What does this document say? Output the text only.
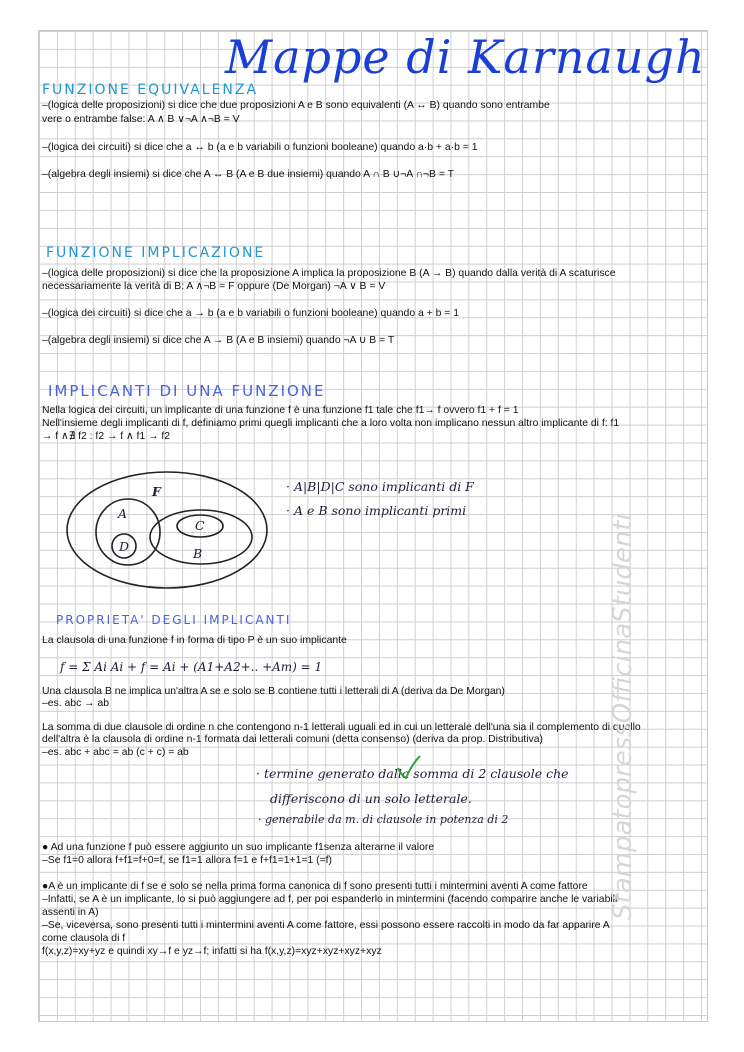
Mappe di Karnaugh
FUNZIONE EQUIVALENZA
–(logica delle proposizioni) si dice che due proposizioni A e B sono equivalenti (A ↔ B) quando sono entrambe
vere o entrambe false: A ∧ B ∨¬A ∧¬B = V
–(logica dei circuiti) si dice che a ↔ b (a e b variabili o funzioni booleane) quando a·b + a·b = 1
–(algebra degli insiemi) si dice che A ↔ B (A e B due insiemi) quando A ∩ B ∪¬A ∩¬B = T
FUNZIONE IMPLICAZIONE
–(logica delle proposizioni) si dice che la proposizione A implica la proposizione B (A → B) quando dalla verità di A scaturisce
necessariamente la verità di B: A ∧¬B = F oppure (De Morgan) ¬A ∨ B = V
–(logica dei circuiti) si dice che a → b (a e b variabili o funzioni booleane) quando a + b = 1
–(algebra degli insiemi) si dice che A → B (A e B insiemi) quando ¬A ∪ B = T
IMPLICANTI DI UNA FUNZIONE
Nella logica dei circuiti, un implicante di una funzione f è una funzione f1 tale che f1→ f ovvero f1 + f = 1
Nell'insieme degli implicanti di f, definiamo primi quegli implicanti che a loro volta non implicano nessun altro implicante di f: f1
→ f ∧∄ f2 : f2 → f ∧ f1 → f2
F
A
D
C
B
· A|B|D|C sono implicanti di F
· A e B sono implicanti primi
PROPRIETA' DEGLI IMPLICANTI
La clausola di una funzione f in forma di tipo P è un suo implicante
f = Σ Ai Ai + f = Ai + (A1+A2+.. +Am) = 1
Una clausola B ne implica un'altra A se e solo se B contiene tutti i letterali di A (deriva da De Morgan)
–es. abc → ab
La somma di due clausole di ordine n che contengono n-1 letterali uguali ed in cui un letterale dell'una sia il complemento di quello
dell'altra è la clausola di ordine n-1 formata dai letterali comuni (detta consenso) (deriva da prop. Distributiva)
–es. abc + abc = ab (c + c) = ab
· termine generato dalla somma di 2 clausole che
differiscono di un solo letterale.
· generabile da m. di clausole in potenza di 2
● Ad una funzione f può essere aggiunto un suo implicante f1senza alterarne il valore
–Se f1=0 allora f+f1=f+0=f, se f1=1 allora f=1 e f+f1=1+1=1 (=f)
●A è un implicante di f se e solo se nella prima forma canonica di f sono presenti tutti i mintermini aventi A come fattore
–Infatti, se A è un implicante, lo si può aggiungere ad f, per poi espanderlo in mintermini (facendo comparire anche le variabili
assenti in A)
–Se, viceversa, sono presenti tutti i mintermini aventi A come fattore, essi possono essere raccolti in modo da far apparire A
come clausola di f
f(x,y,z)=xy+yz e quindi xy→f e yz→f; infatti si ha f(x,y,z)=xyz+xyz+xyz+xyz
StampatopressOfficinaStudenti
